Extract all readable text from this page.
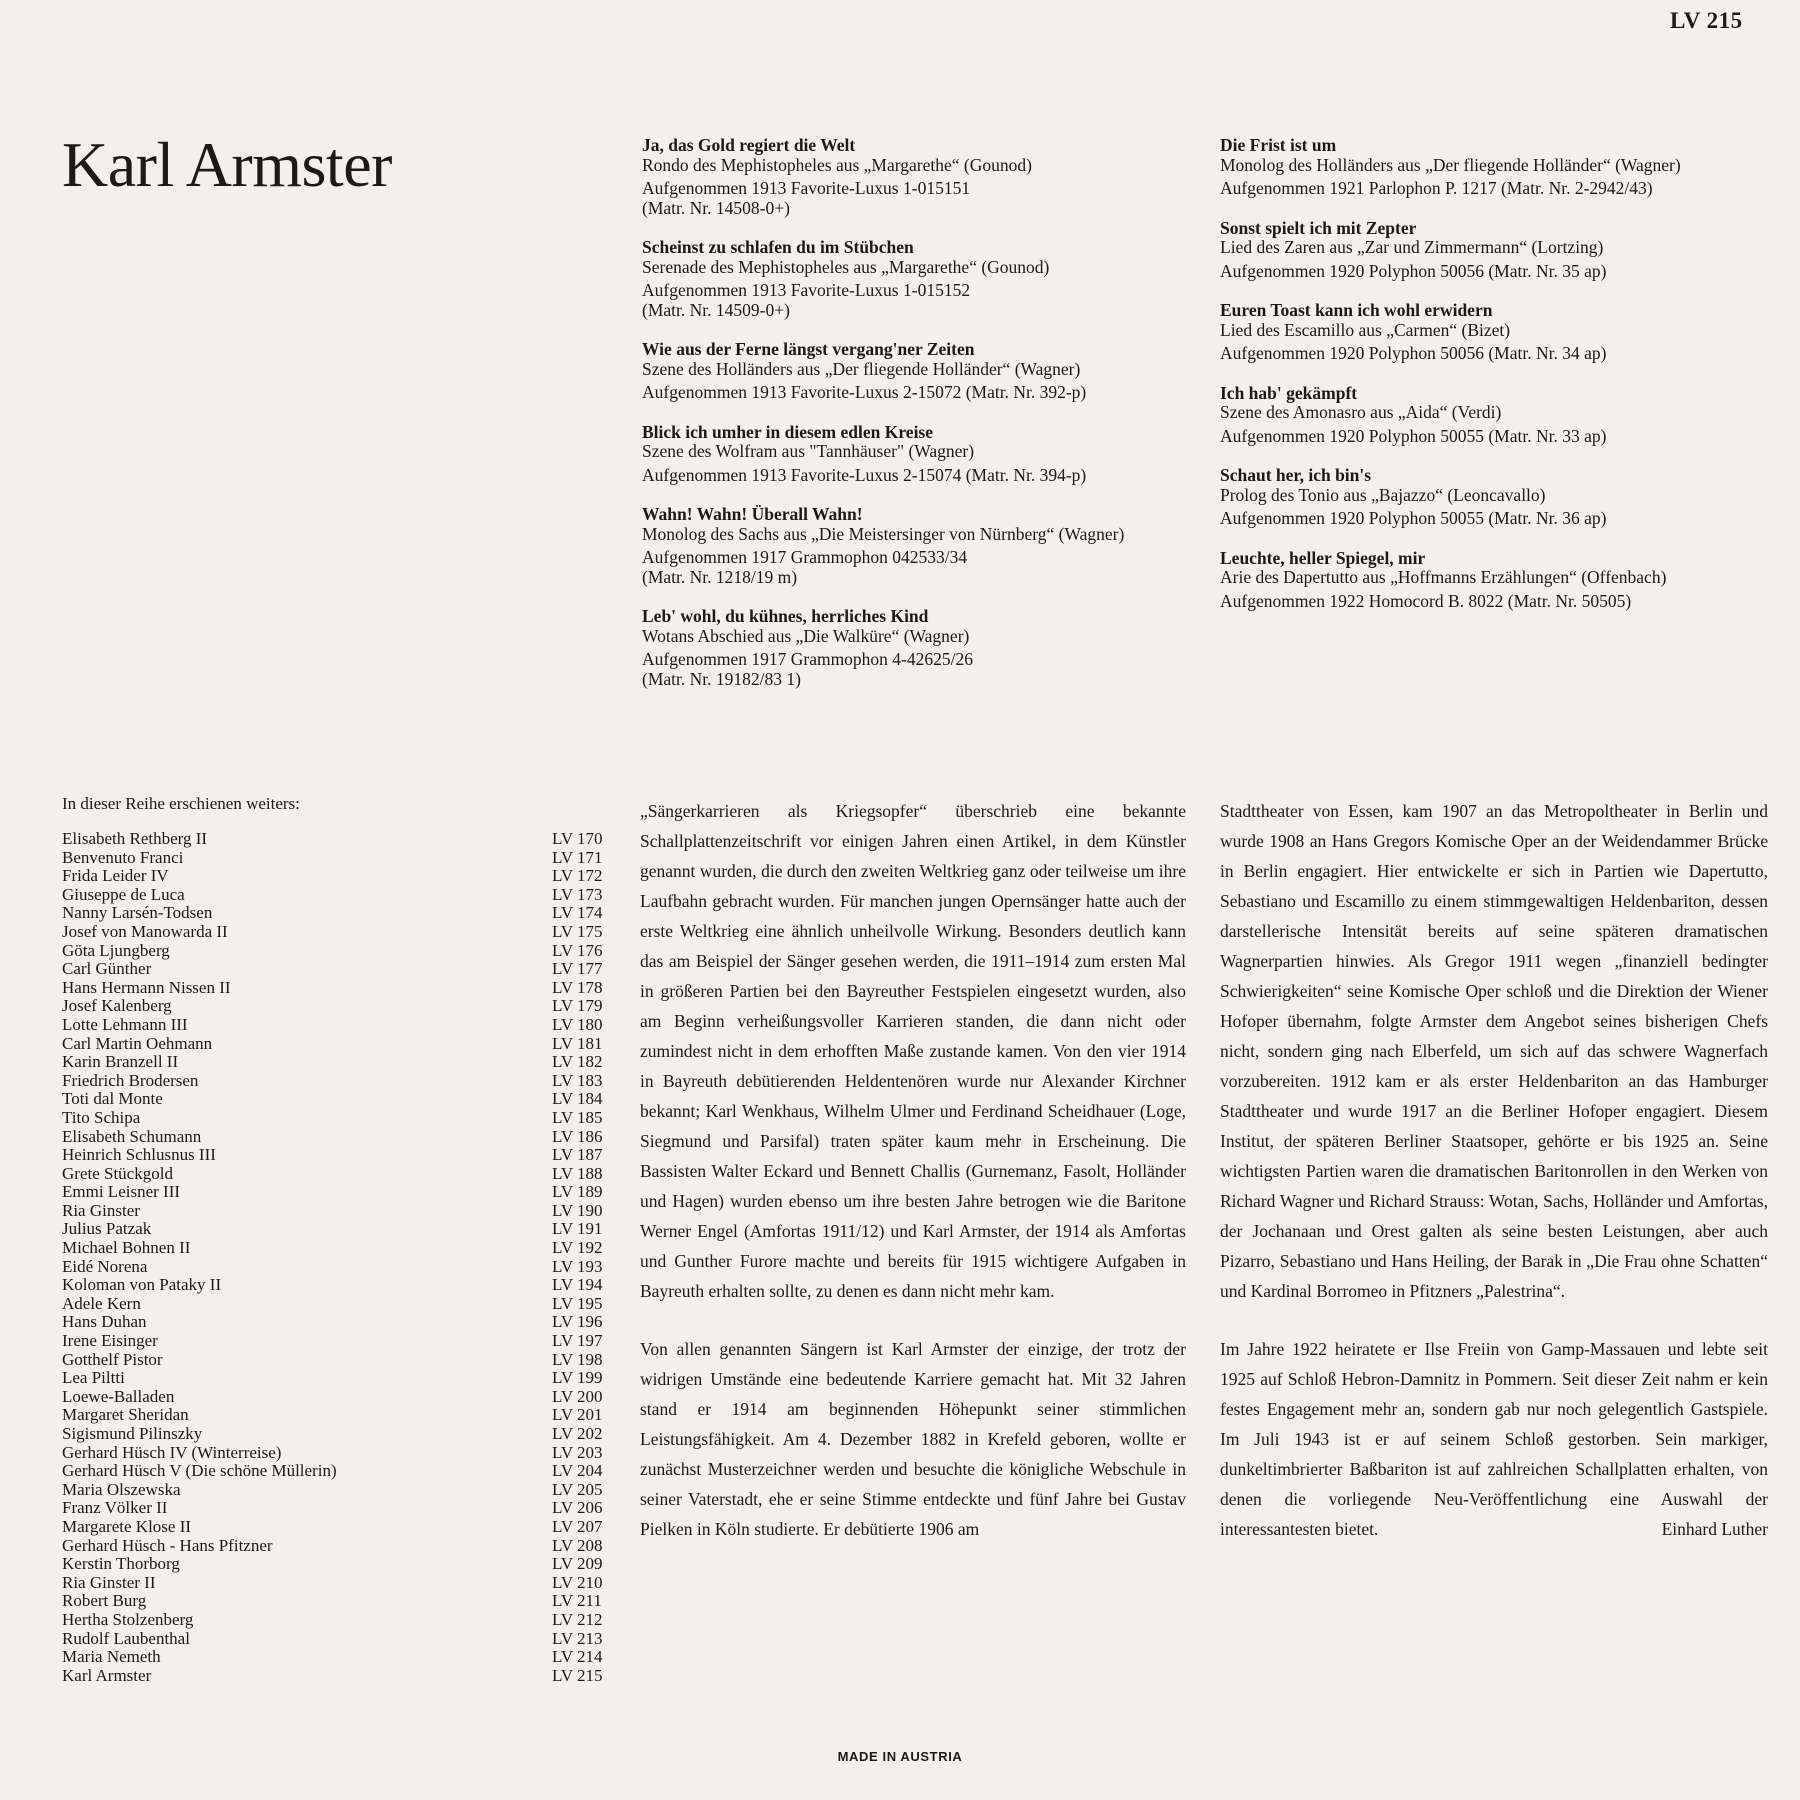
LV 215
Karl Armster	Ja, das Gold regiert die Welt
Rondo des Mephistopheles aus „Margarethe“ (Gounod)
Aufgenommen 1913 Favorite-Luxus 1-015151
(Matr. Nr. 14508-0+)
Scheinst zu schlafen du im Stübchen
Serenade des Mephistopheles aus „Margarethe“ (Gounod)
Aufgenommen 1913 Favorite-Luxus 1-015152
(Matr. Nr. 14509-0+)
Wie aus der Ferne längst vergang'ner Zeiten
Szene des Holländers aus „Der fliegende Holländer“ (Wagner)
Aufgenommen 1913 Favorite-Luxus 2-15072 (Matr. Nr. 392-p)
Blick ich umher in diesem edlen Kreise
Szene des Wolfram aus "Tannhäuser" (Wagner)
Aufgenommen 1913 Favorite-Luxus 2-15074 (Matr. Nr. 394-p)
Wahn! Wahn! Überall Wahn!
Monolog des Sachs aus „Die Meistersinger von Nürnberg“ (Wagner)
Aufgenommen 1917 Grammophon 042533/34
(Matr. Nr. 1218/19 m)
Leb' wohl, du kühnes, herrliches Kind
Wotans Abschied aus „Die Walküre“ (Wagner)
Aufgenommen 1917 Grammophon 4-42625/26
(Matr. Nr. 19182/83 1)
Die Frist ist um
Monolog des Holländers aus „Der fliegende Holländer“ (Wagner)
Aufgenommen 1921 Parlophon P. 1217 (Matr. Nr. 2-2942/43)
Sonst spielt ich mit Zepter
Lied des Zaren aus „Zar und Zimmermann“ (Lortzing)
Aufgenommen 1920 Polyphon 50056 (Matr. Nr. 35 ap)
Euren Toast kann ich wohl erwidern
Lied des Escamillo aus „Carmen“ (Bizet)
Aufgenommen 1920 Polyphon 50056 (Matr. Nr. 34 ap)
Ich hab' gekämpft
Szene des Amonasro aus „Aida“ (Verdi)
Aufgenommen 1920 Polyphon 50055 (Matr. Nr. 33 ap)
Schaut her, ich bin's
Prolog des Tonio aus „Bajazzo“ (Leoncavallo)
Aufgenommen 1920 Polyphon 50055 (Matr. Nr. 36 ap)
Leuchte, heller Spiegel, mir
Arie des Dapertutto aus „Hoffmanns Erzählungen“ (Offenbach)
Aufgenommen 1922 Homocord B. 8022 (Matr. Nr. 50505)
In dieser Reihe erschienen weiters:
Elisabeth Rethberg II	LV 170
Benvenuto Franci	LV 171
Frida Leider IV	LV 172
Giuseppe de Luca	LV 173
Nanny Larsén-Todsen	LV 174
Josef von Manowarda II	LV 175
Göta Ljungberg	LV 176
Carl Günther	LV 177
Hans Hermann Nissen II	LV 178
Josef Kalenberg	LV 179
Lotte Lehmann III	LV 180
Carl Martin Oehmann	LV 181
Karin Branzell II	LV 182
Friedrich Brodersen	LV 183
Toti dal Monte	LV 184
Tito Schipa	LV 185
Elisabeth Schumann	LV 186
Heinrich Schlusnus III	LV 187
Grete Stückgold	LV 188
Emmi Leisner III	LV 189
Ria Ginster	LV 190
Julius Patzak	LV 191
Michael Bohnen II	LV 192
Eidé Norena	LV 193
Koloman von Pataky II	LV 194
Adele Kern	LV 195
Hans Duhan	LV 196
Irene Eisinger	LV 197
Gotthelf Pistor	LV 198
Lea Piltti	LV 199
Loewe-Balladen	LV 200
Margaret Sheridan	LV 201
Sigismund Pilinszky	LV 202
Gerhard Hüsch IV (Winterreise)	LV 203
Gerhard Hüsch V (Die schöne Müllerin)	LV 204
Maria Olszewska	LV 205
Franz Völker II	LV 206
Margarete Klose II	LV 207
Gerhard Hüsch - Hans Pfitzner	LV 208
Kerstin Thorborg	LV 209
Ria Ginster II	LV 210
Robert Burg	LV 211
Hertha Stolzenberg	LV 212
Rudolf Laubenthal	LV 213
Maria Nemeth	LV 214
Karl Armster	LV 215

„Sängerkarrieren als Kriegsopfer“ überschrieb eine bekannte Schallplattenzeitschrift vor einigen Jahren einen Artikel, in dem Künstler genannt wurden, die durch den zweiten Weltkrieg ganz oder teilweise um ihre Laufbahn gebracht wurden. Für manchen jungen Opernsänger hatte auch der erste Weltkrieg eine ähnlich unheilvolle Wirkung. Besonders deutlich kann das am Beispiel der Sänger gesehen werden, die 1911–1914 zum ersten Mal in größeren Partien bei den Bayreuther Festspielen eingesetzt wurden, also am Beginn verheißungsvoller Karrieren standen, die dann nicht oder zumindest nicht in dem erhofften Maße zustande kamen. Von den vier 1914 in Bayreuth debütierenden Heldentenören wurde nur Alexander Kirchner bekannt; Karl Wenkhaus, Wilhelm Ulmer und Ferdinand Scheidhauer (Loge, Siegmund und Parsifal) traten später kaum mehr in Erscheinung. Die Bassisten Walter Eckard und Bennett Challis (Gurnemanz, Fasolt, Holländer und Hagen) wurden ebenso um ihre besten Jahre betrogen wie die Baritone Werner Engel (Amfortas 1911/12) und Karl Armster, der 1914 als Amfortas und Gunther Furore machte und bereits für 1915 wichtigere Aufgaben in Bayreuth erhalten sollte, zu denen es dann nicht mehr kam.

Von allen genannten Sängern ist Karl Armster der einzige, der trotz der widrigen Umstände eine bedeutende Karriere gemacht hat. Mit 32 Jahren stand er 1914 am beginnenden Höhepunkt seiner stimmlichen Leistungsfähigkeit. Am 4. Dezember 1882 in Krefeld geboren, wollte er zunächst Musterzeichner werden und besuchte die königliche Webschule in seiner Vaterstadt, ehe er seine Stimme entdeckte und fünf Jahre bei Gustav Pielken in Köln studierte. Er debütierte 1906 am

Stadttheater von Essen, kam 1907 an das Metropoltheater in Berlin und wurde 1908 an Hans Gregors Komische Oper an der Weidendammer Brücke in Berlin engagiert. Hier entwickelte er sich in Partien wie Dapertutto, Sebastiano und Escamillo zu einem stimmgewaltigen Heldenbariton, dessen darstellerische Intensität bereits auf seine späteren dramatischen Wagnerpartien hinwies. Als Gregor 1911 wegen „finanziell bedingter Schwierigkeiten“ seine Komische Oper schloß und die Direktion der Wiener Hofoper übernahm, folgte Armster dem Angebot seines bisherigen Chefs nicht, sondern ging nach Elberfeld, um sich auf das schwere Wagnerfach vorzubereiten. 1912 kam er als erster Heldenbariton an das Hamburger Stadttheater und wurde 1917 an die Berliner Hofoper engagiert. Diesem Institut, der späteren Berliner Staatsoper, gehörte er bis 1925 an. Seine wichtigsten Partien waren die dramatischen Baritonrollen in den Werken von Richard Wagner und Richard Strauss: Wotan, Sachs, Holländer und Amfortas, der Jochanaan und Orest galten als seine besten Leistungen, aber auch Pizarro, Sebastiano und Hans Heiling, der Barak in „Die Frau ohne Schatten“ und Kardinal Borromeo in Pfitzners „Palestrina“.

Im Jahre 1922 heiratete er Ilse Freiin von Gamp-Massauen und lebte seit 1925 auf Schloß Hebron-Damnitz in Pommern. Seit dieser Zeit nahm er kein festes Engagement mehr an, sondern gab nur noch gelegentlich Gastspiele. Im Juli 1943 ist er auf seinem Schloß gestorben. Sein markiger, dunkeltimbrierter Baßbariton ist auf zahlreichen Schallplatten erhalten, von denen die vorliegende Neu-Veröffentlichung eine Auswahl der interessantesten bietet.	Einhard Luther

MADE IN AUSTRIA
